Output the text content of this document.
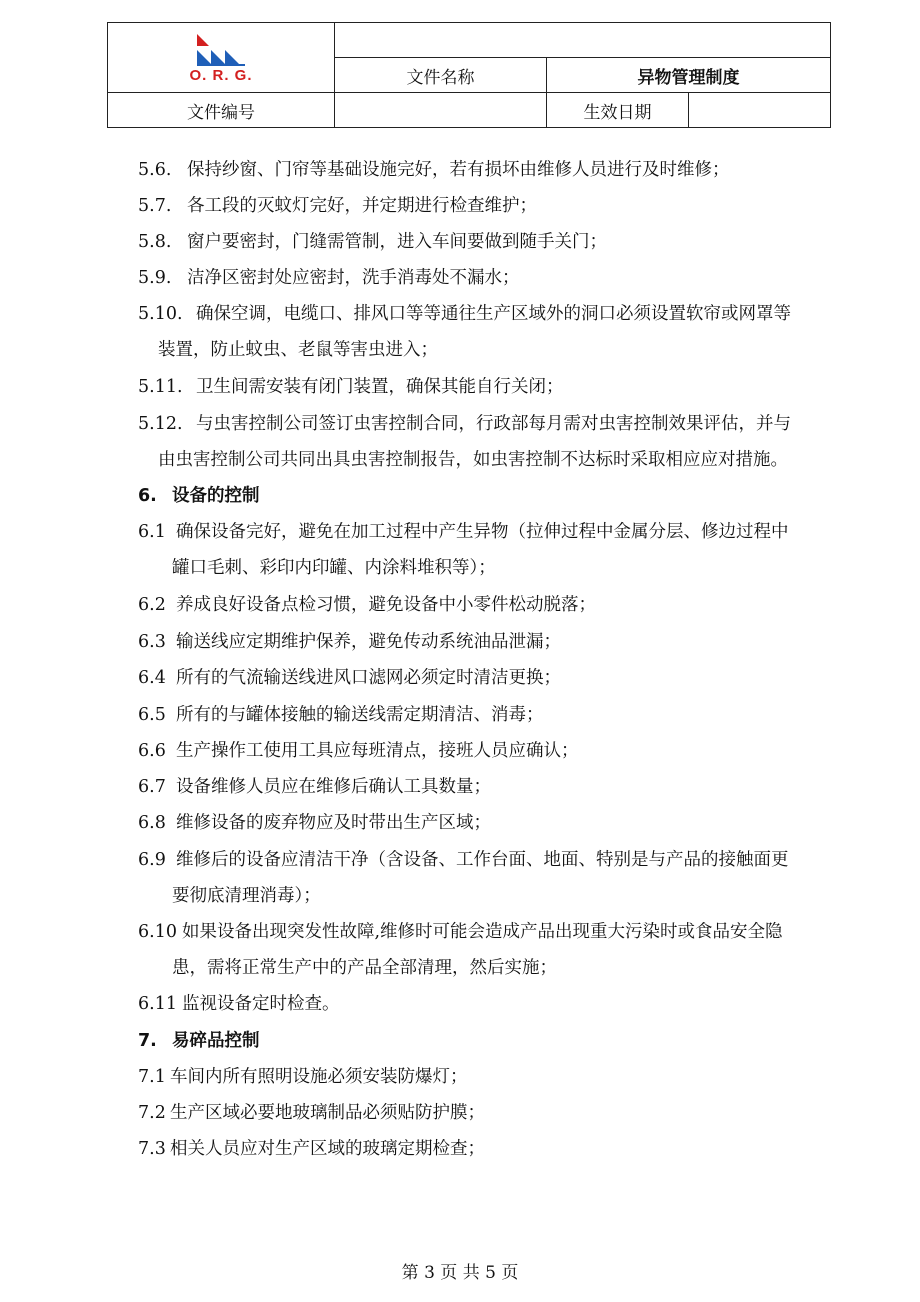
O. R. G.			

	文件名称	异物管理制度	
文件编号		生效日期	
5.6. 保持纱窗、门帘等基础设施完好，若有损坏由维修人员进行及时维修；
5.7. 各工段的灭蚊灯完好，并定期进行检查维护；
5.8. 窗户要密封，门缝需管制，进入车间要做到随手关门；
5.9. 洁净区密封处应密封，洗手消毒处不漏水；
5.10. 确保空调，电缆口、排风口等等通往生产区域外的洞口必须设置软帘或网罩等
装置，防止蚊虫、老鼠等害虫进入；
5.11. 卫生间需安装有闭门装置，确保其能自行关闭；
5.12. 与虫害控制公司签订虫害控制合同，行政部每月需对虫害控制效果评估，并与
由虫害控制公司共同出具虫害控制报告，如虫害控制不达标时采取相应应对措施。
6. 设备的控制
6.1 确保设备完好，避免在加工过程中产生异物（拉伸过程中金属分层、修边过程中
罐口毛刺、彩印内印罐、内涂料堆积等）；
6.2 养成良好设备点检习惯，避免设备中小零件松动脱落；
6.3 输送线应定期维护保养，避免传动系统油品泄漏；
6.4 所有的气流输送线进风口滤网必须定时清洁更换；
6.5 所有的与罐体接触的输送线需定期清洁、消毒；
6.6 生产操作工使用工具应每班清点，接班人员应确认；
6.7 设备维修人员应在维修后确认工具数量；
6.8 维修设备的废弃物应及时带出生产区域；
6.9 维修后的设备应清洁干净（含设备、工作台面、地面、特别是与产品的接触面更
要彻底清理消毒）；
6.10 如果设备出现突发性故障,维修时可能会造成产品出现重大污染时或食品安全隐
患，需将正常生产中的产品全部清理，然后实施；
6.11 监视设备定时检查。
7. 易碎品控制
7.1 车间内所有照明设施必须安装防爆灯；
7.2 生产区域必要地玻璃制品必须贴防护膜；
7.3 相关人员应对生产区域的玻璃定期检查；
第 3 页 共 5 页
